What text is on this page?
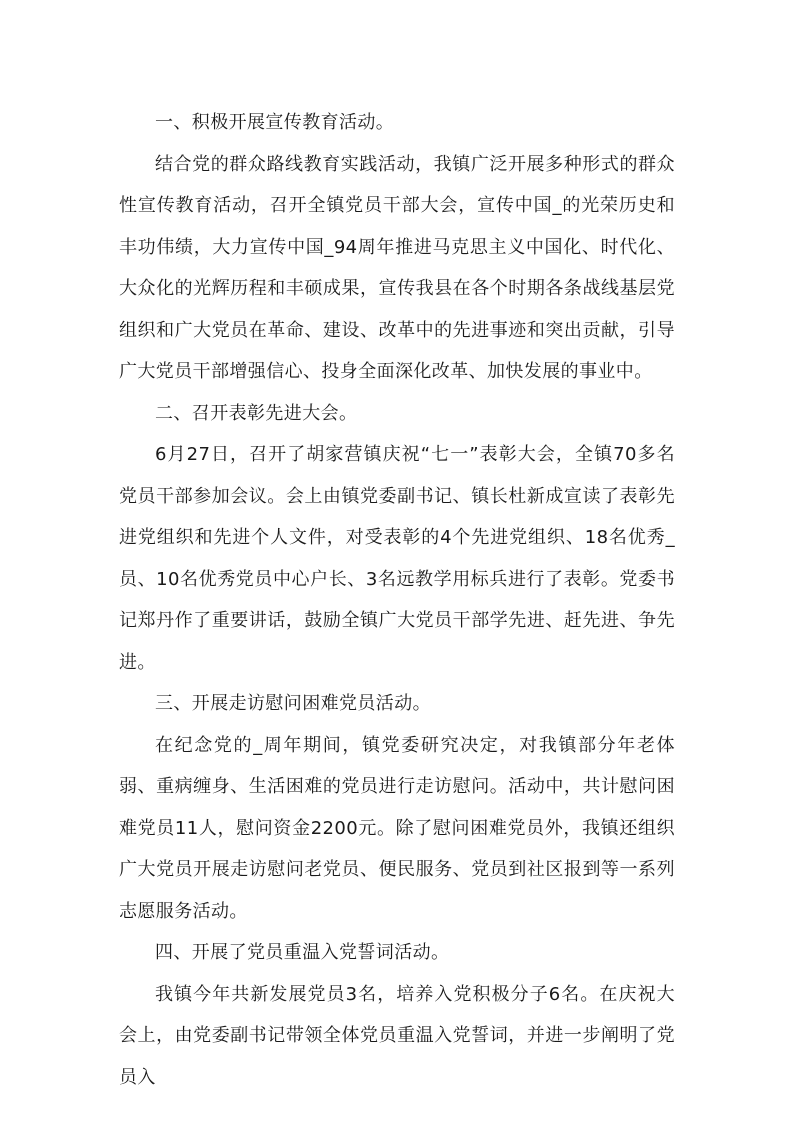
一、积极开展宣传教育活动。

结合党的群众路线教育实践活动，我镇广泛开展多种形式的群众性宣传教育活动，召开全镇党员干部大会，宣传中国_的光荣历史和丰功伟绩，大力宣传中国_94周年推进马克思主义中国化、时代化、大众化的光辉历程和丰硕成果，宣传我县在各个时期各条战线基层党组织和广大党员在革命、建设、改革中的先进事迹和突出贡献，引导广大党员干部增强信心、投身全面深化改革、加快发展的事业中。

二、召开表彰先进大会。

6月27日，召开了胡家营镇庆祝“七一”表彰大会，全镇70多名党员干部参加会议。会上由镇党委副书记、镇长杜新成宣读了表彰先进党组织和先进个人文件，对受表彰的4个先进党组织、18名优秀_员、10名优秀党员中心户长、3名远教学用标兵进行了表彰。党委书记郑丹作了重要讲话，鼓励全镇广大党员干部学先进、赶先进、争先进。

三、开展走访慰问困难党员活动。

在纪念党的_周年期间，镇党委研究决定，对我镇部分年老体弱、重病缠身、生活困难的党员进行走访慰问。活动中，共计慰问困难党员11人，慰问资金2200元。除了慰问困难党员外，我镇还组织广大党员开展走访慰问老党员、便民服务、党员到社区报到等一系列志愿服务活动。

四、开展了党员重温入党誓词活动。

我镇今年共新发展党员3名，培养入党积极分子6名。在庆祝大会上，由党委副书记带领全体党员重温入党誓词，并进一步阐明了党员入
